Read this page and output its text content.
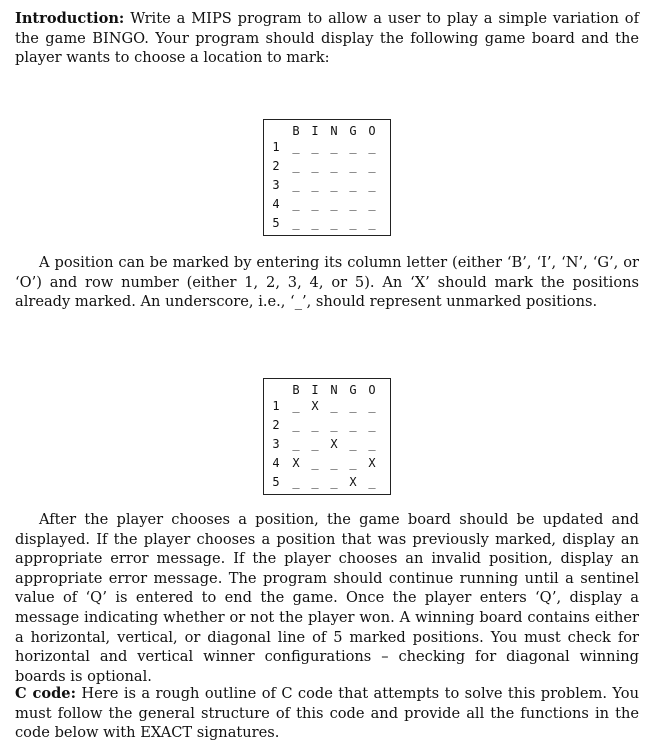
Introduction: Write a MIPS program to allow a user to play a simple variation of the game BINGO. Your program should display the following game board and the player wants to choose a location to mark:

B I N G O
1 _ _ _ _ _
2 _ _ _ _ _
3 _ _ _ _ _
4 _ _ _ _ _
5 _ _ _ _ _

A position can be marked by entering its column letter (either ‘B’, ‘I’, ‘N’, ‘G’, or ‘O’) and row number (either 1, 2, 3, 4, or 5). An ‘X’ should mark the positions already marked. An underscore, i.e., ‘_’, should represent unmarked positions.

B I N G O
1 _ X _ _ _
2 _ _ _ _ _
3 _ _ X _ _
4 X _ _ _ X
5 _ _ _ X _

After the player chooses a position, the game board should be updated and displayed. If the player chooses a position that was previously marked, display an appropriate error message. If the player chooses an invalid position, display an appropriate error message. The program should continue running until a sentinel value of ‘Q’ is entered to end the game. Once the player enters ‘Q’, display a message indicating whether or not the player won. A winning board contains either a horizontal, vertical, or diagonal line of 5 marked positions. You must check for horizontal and vertical winner configurations – checking for diagonal winning boards is optional.

C code: Here is a rough outline of C code that attempts to solve this problem. You must follow the general structure of this code and provide all the functions in the code below with EXACT signatures.
